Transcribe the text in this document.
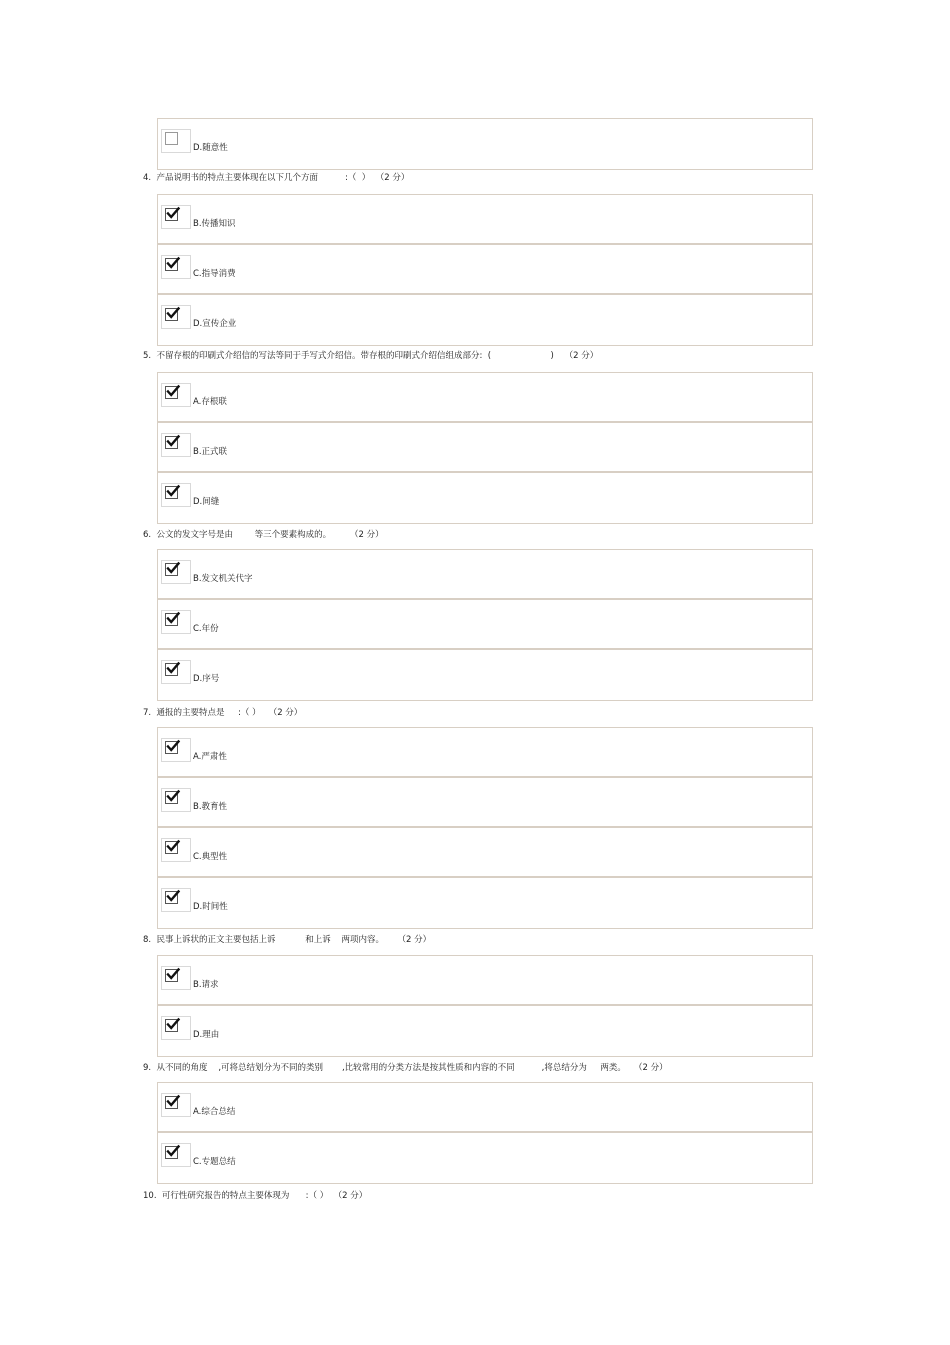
D.随意性
4.  产品说明书的特点主要体现在以下几个方面          :（  ）  （2 分）
B.传播知识
C.指导消费
D.宣传企业
5.  不留存根的印刷式介绍信的写法等同于手写式介绍信。带存根的印刷式介绍信组成部分:  (                      )    （2 分）
A.存根联
B.正式联
D.间缝
6.  公文的发文字号是由        等三个要素构成的。       （2 分）
B.发文机关代字
C.年份
D.序号
7.  通报的主要特点是     :（ ）   （2 分）
A.严肃性
B.教育性
C.典型性
D.时间性
8.  民事上诉状的正文主要包括上诉           和上诉    两项内容。     （2 分）
B.请求
D.理由
9.  从不同的角度    ,可将总结划分为不同的类别       ,比较常用的分类方法是按其性质和内容的不同          ,将总结分为     两类。   （2 分）
A.综合总结
C.专题总结
10.  可行性研究报告的特点主要体现为      :（ ）  （2 分）
